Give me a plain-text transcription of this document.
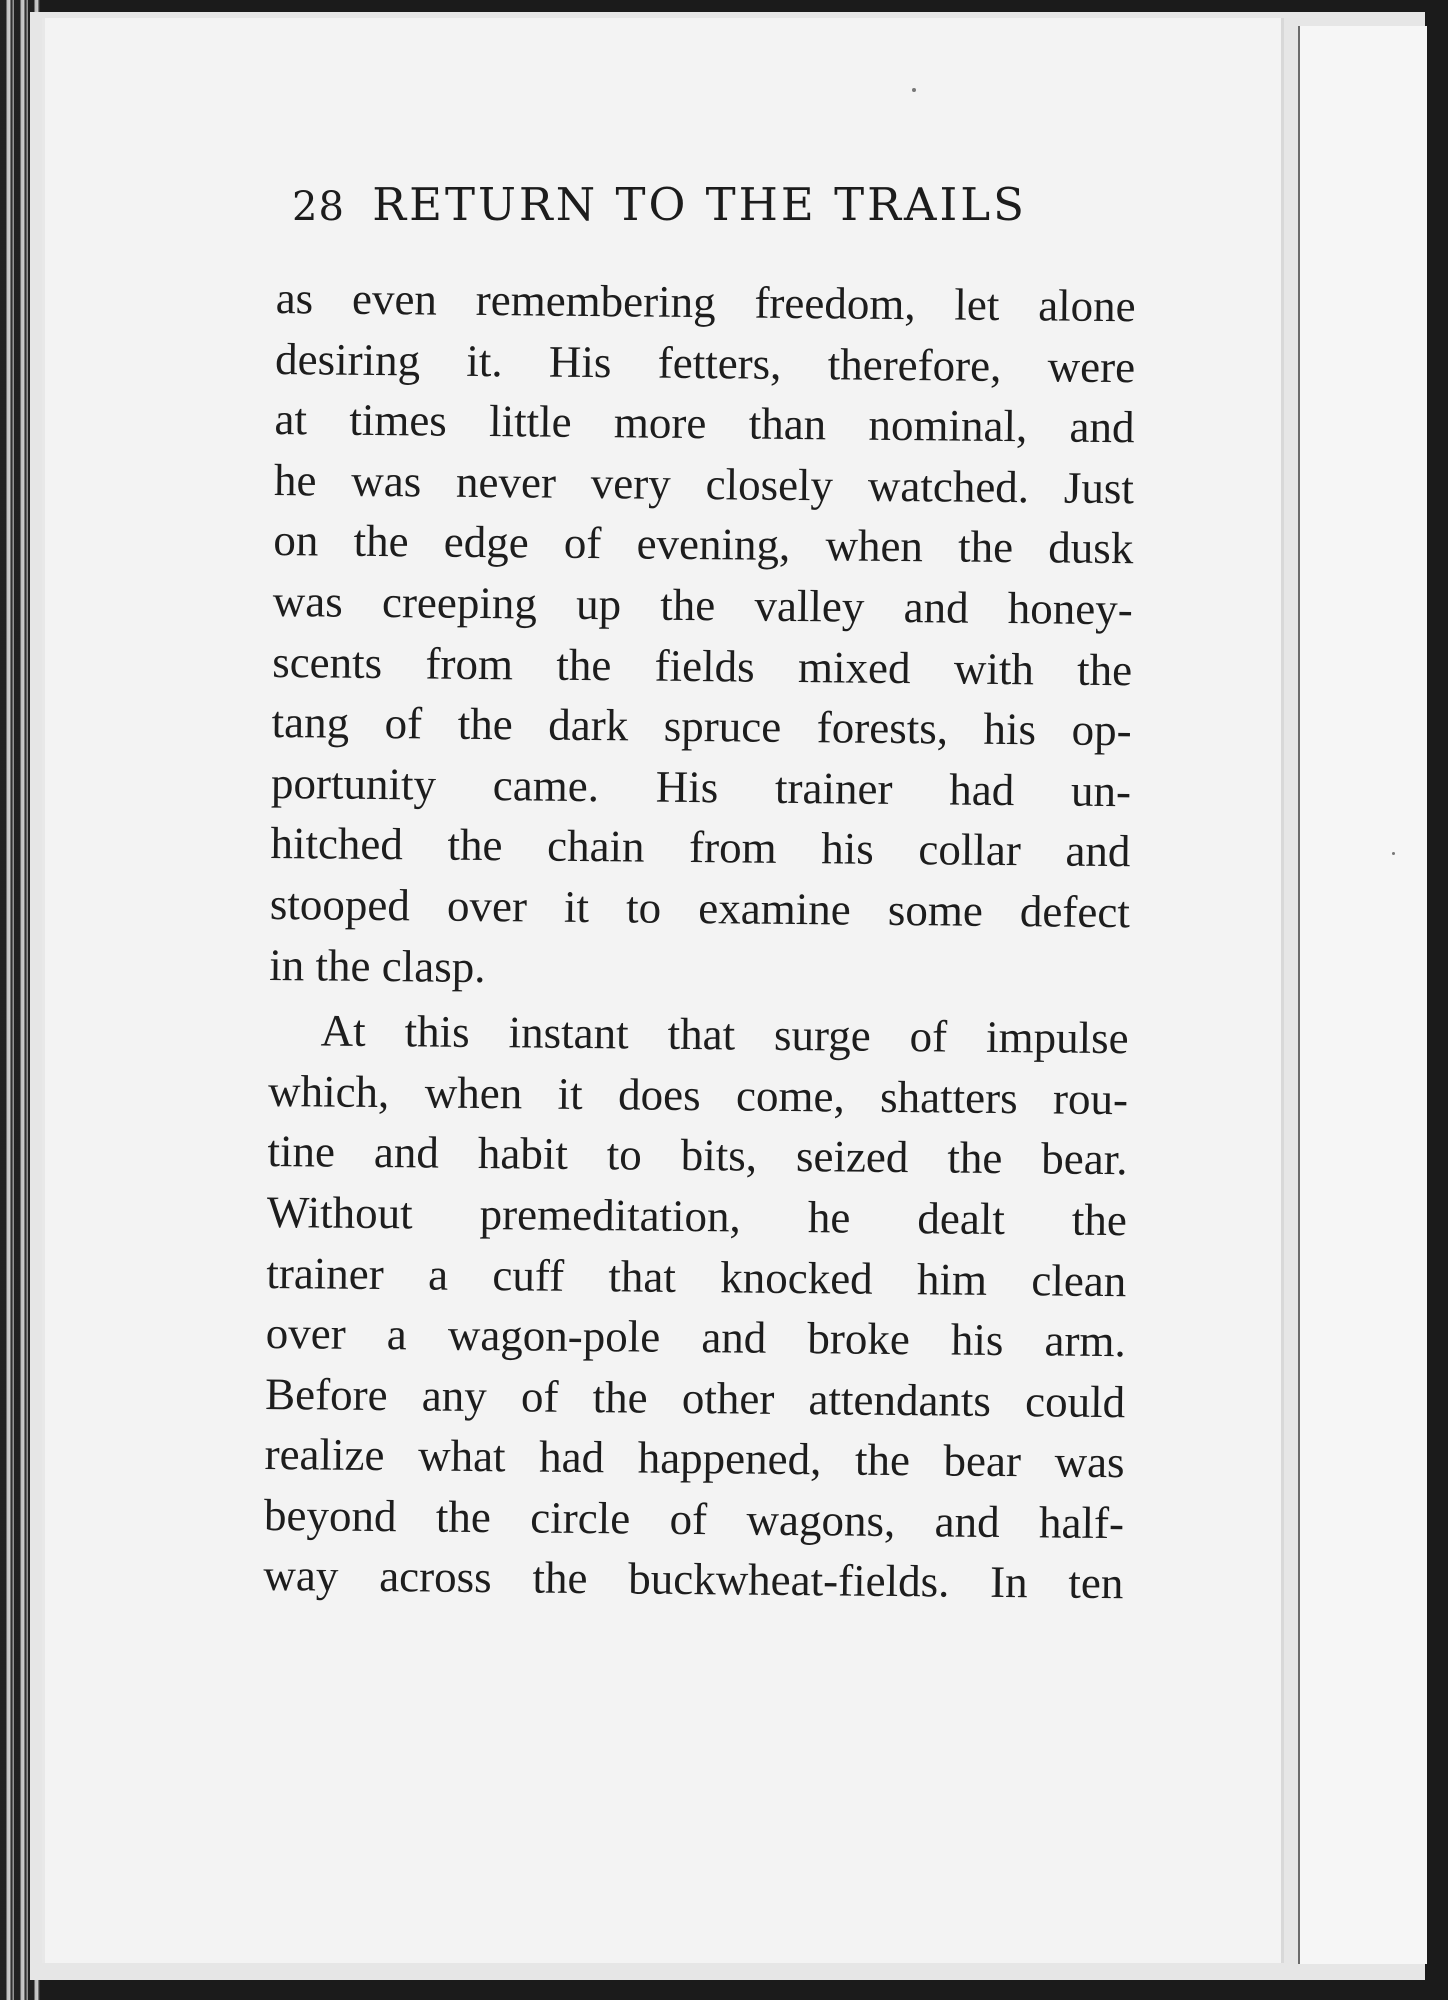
28 RETURN TO THE TRAILS
as even remembering freedom, let alone
desiring it. His fetters, therefore, were
at times little more than nominal, and
he was never very closely watched. Just
on the edge of evening, when the dusk
was creeping up the valley and honey-
scents from the fields mixed with the
tang of the dark spruce forests, his op-
portunity came. His trainer had un-
hitched the chain from his collar and
stooped over it to examine some defect
in the clasp.
At this instant that surge of impulse
which, when it does come, shatters rou-
tine and habit to bits, seized the bear.
Without premeditation, he dealt the
trainer a cuff that knocked him clean
over a wagon-pole and broke his arm.
Before any of the other attendants could
realize what had happened, the bear was
beyond the circle of wagons, and half-
way across the buckwheat-fields. In ten
